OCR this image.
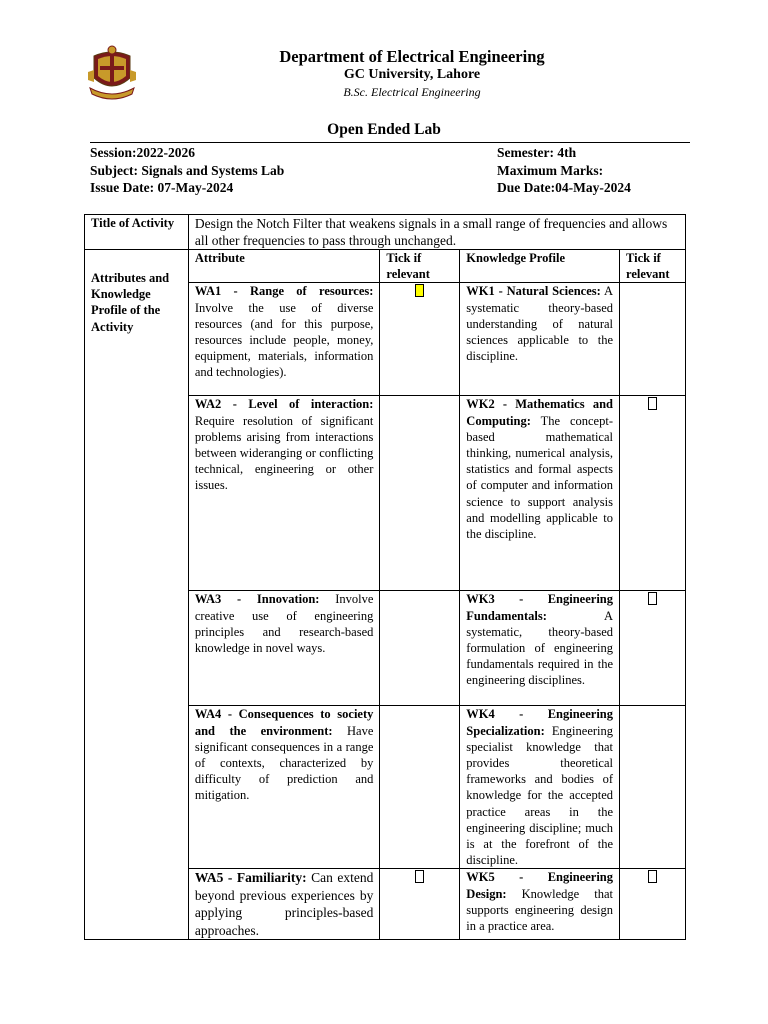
Department of Electrical Engineering
GC University, Lahore
B.Sc. Electrical Engineering
Open Ended Lab
Session:2022-2026
Subject: Signals and Systems Lab
Issue Date: 07-May-2024
Semester: 4th
Maximum Marks:
Due Date:04-May-2024
Title of Activity	Design the Notch Filter that weakens signals in a small range of frequencies and allows all other frequencies to pass through unchanged.			
Attributes and Knowledge Profile of the Activity	Attribute	Tick if relevant	Knowledge Profile	Tick if relevant
	WA1 - Range of resources: Involve the use of diverse resources (and for this purpose, resources include people, money, equipment, materials, information and technologies).		WK1 - Natural Sciences: A systematic theory-based understanding of natural sciences applicable to the discipline.	
	WA2 - Level of interaction: Require resolution of significant problems arising from interactions between wideranging or conflicting technical, engineering or other issues.		WK2 - Mathematics and Computing: The concept- based mathematical thinking, numerical analysis, statistics and formal aspects of computer and information science to support analysis and modelling applicable to the discipline.	
	WA3 - Innovation: Involve creative use of engineering principles and research-based knowledge in novel ways.		WK3 - Engineering Fundamentals: A systematic, theory-based formulation of engineering fundamentals required in the engineering disciplines.	
	WA4 - Consequences to society and the environment: Have significant consequences in a range of contexts, characterized by difficulty of prediction and mitigation.		WK4 - Engineering Specialization: Engineering specialist knowledge that provides theoretical frameworks and bodies of knowledge for the accepted practice areas in the engineering discipline; much is at the forefront of the discipline.	
	WA5 - Familiarity: Can extend beyond previous experiences by applying principles-based approaches.		WK5 - Engineering Design: Knowledge that supports engineering design in a practice area.	
